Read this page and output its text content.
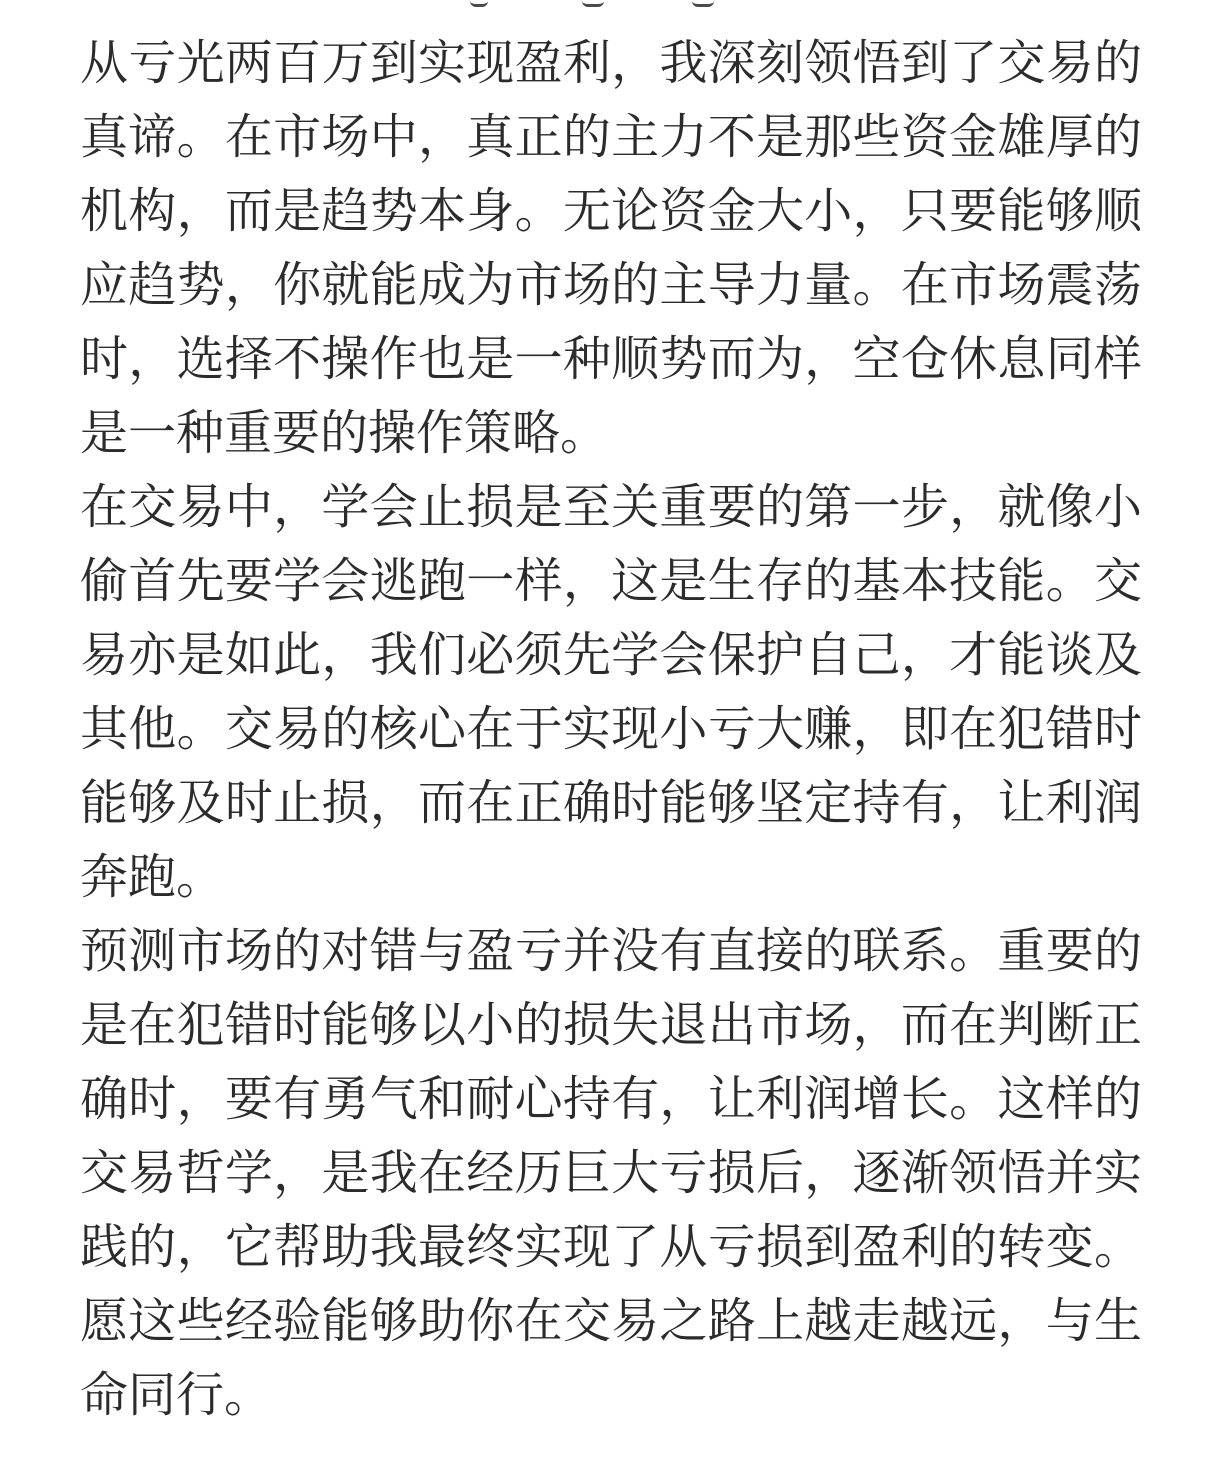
从亏光两百万到实现盈利，我深刻领悟到了交易的
真谛。在市场中，真正的主力不是那些资金雄厚的
机构，而是趋势本身。无论资金大小，只要能够顺
应趋势，你就能成为市场的主导力量。在市场震荡
时，选择不操作也是一种顺势而为，空仓休息同样
是一种重要的操作策略。
在交易中，学会止损是至关重要的第一步，就像小
偷首先要学会逃跑一样，这是生存的基本技能。交
易亦是如此，我们必须先学会保护自己，才能谈及
其他。交易的核心在于实现小亏大赚，即在犯错时
能够及时止损，而在正确时能够坚定持有，让利润
奔跑。
预测市场的对错与盈亏并没有直接的联系。重要的
是在犯错时能够以小的损失退出市场，而在判断正
确时，要有勇气和耐心持有，让利润增长。这样的
交易哲学，是我在经历巨大亏损后，逐渐领悟并实
践的，它帮助我最终实现了从亏损到盈利的转变。
愿这些经验能够助你在交易之路上越走越远，与生
命同行。
